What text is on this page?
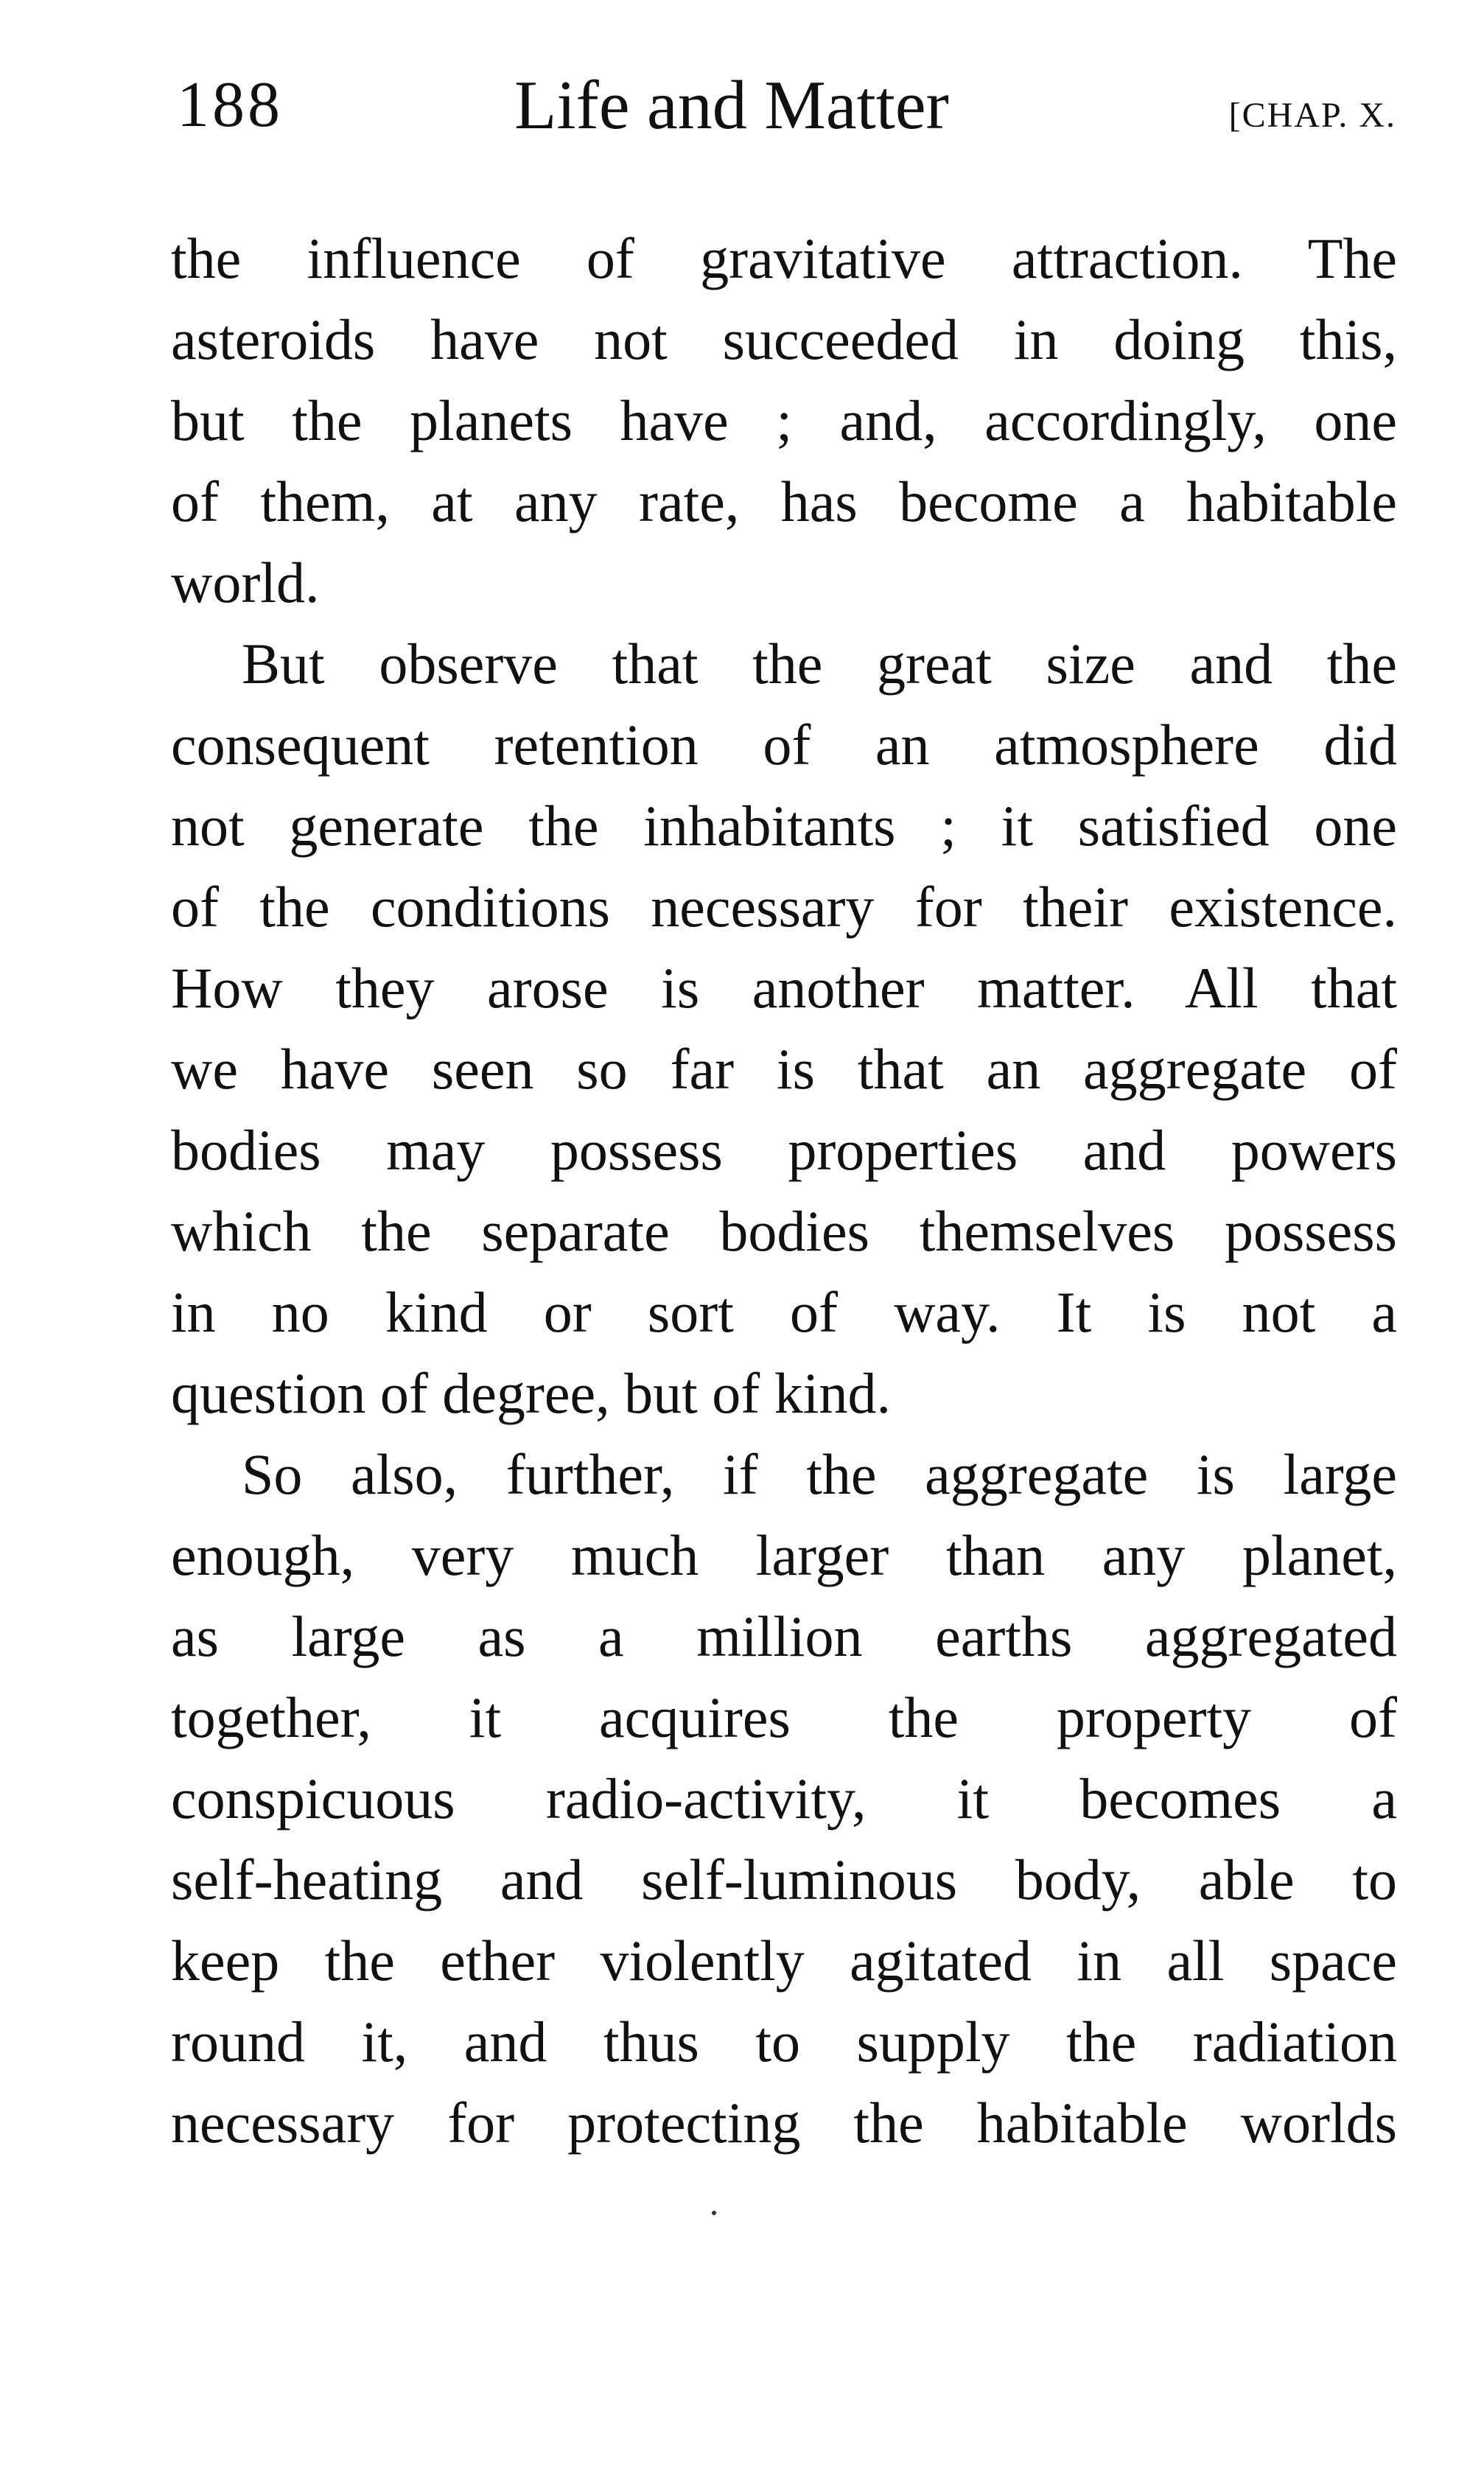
188	Life and Matter	[CHAP. X.
the influence of gravitative attraction. The
asteroids have not succeeded in doing this,
but the planets have ; and, accordingly, one
of them, at any rate, has become a habitable
world.
But observe that the great size and the
consequent retention of an atmosphere did
not generate the inhabitants ; it satisfied one
of the conditions necessary for their existence.
How they arose is another matter. All that
we have seen so far is that an aggregate of
bodies may possess properties and powers
which the separate bodies themselves possess
in no kind or sort of way. It is not a
question of degree, but of kind.
So also, further, if the aggregate is large
enough, very much larger than any planet,
as large as a million earths aggregated
together, it acquires the property of
conspicuous radio-activity, it becomes a
self-heating and self-luminous body, able to
keep the ether violently agitated in all space
round it, and thus to supply the radiation
necessary for protecting the habitable worlds
